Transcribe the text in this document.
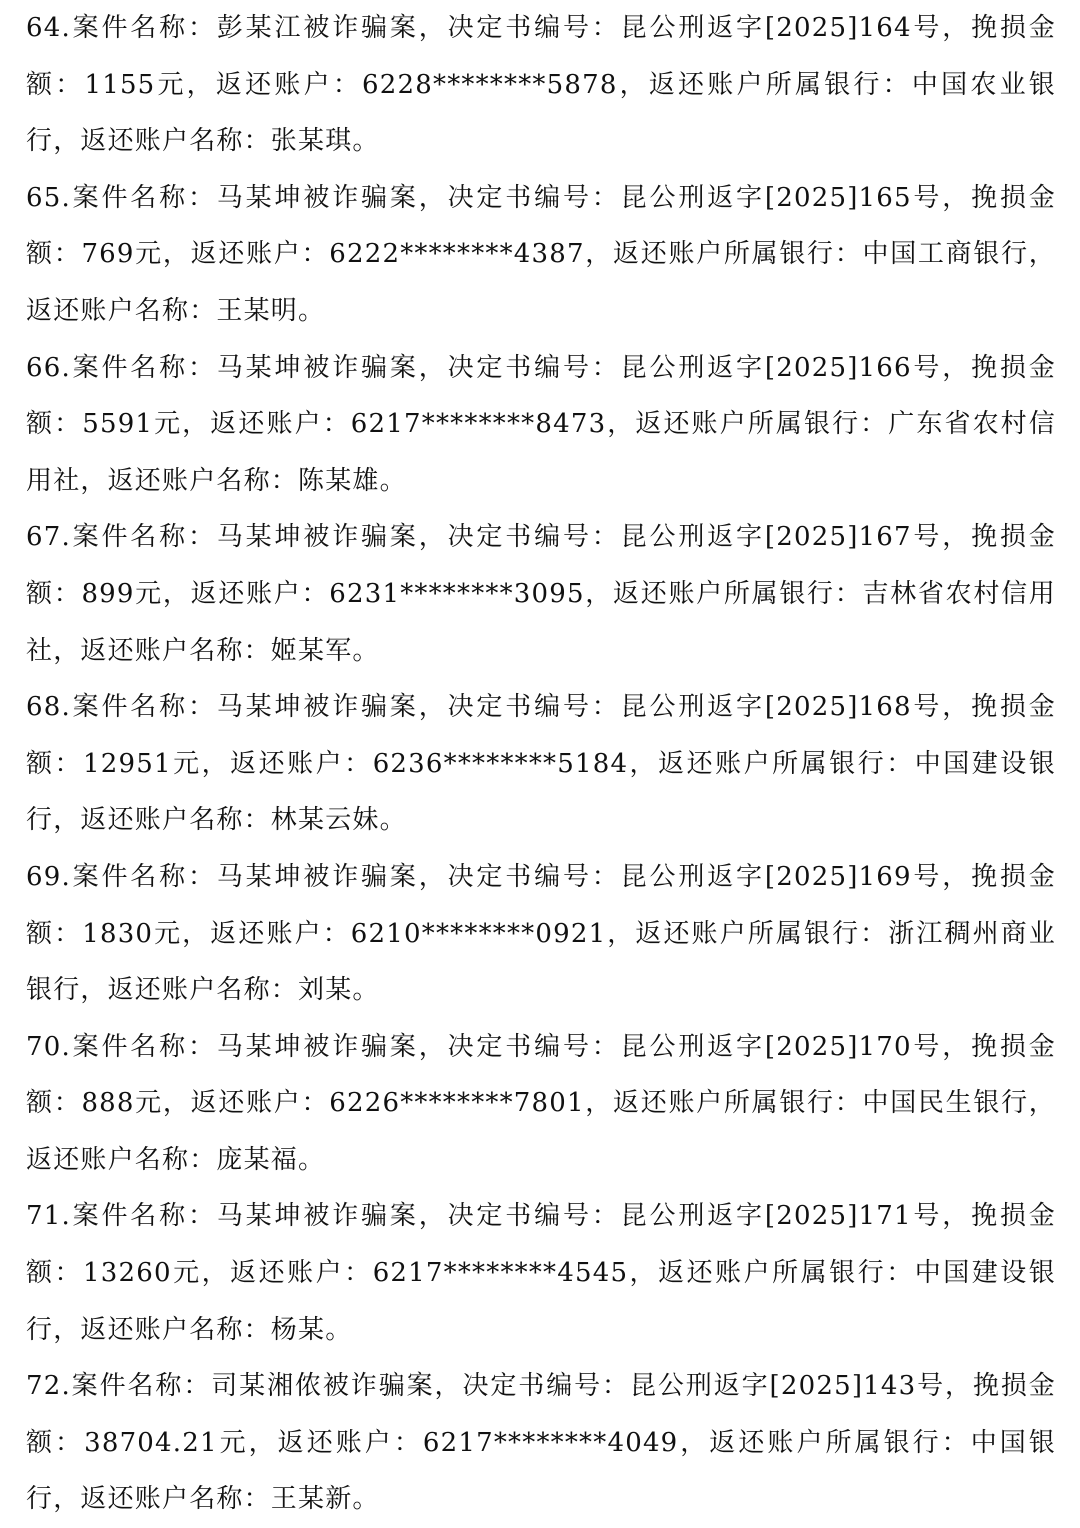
64.案件名称：彭某江被诈骗案，决定书编号：昆公刑返字[2025]164号，挽损金额：1155元，返还账户：6228********5878，返还账户所属银行：中国农业银行，返还账户名称：张某琪。

65.案件名称：马某坤被诈骗案，决定书编号：昆公刑返字[2025]165号，挽损金额：769元，返还账户：6222********4387，返还账户所属银行：中国工商银行，返还账户名称：王某明。

66.案件名称：马某坤被诈骗案，决定书编号：昆公刑返字[2025]166号，挽损金额：5591元，返还账户：6217********8473，返还账户所属银行：广东省农村信用社，返还账户名称：陈某雄。

67.案件名称：马某坤被诈骗案，决定书编号：昆公刑返字[2025]167号，挽损金额：899元，返还账户：6231********3095，返还账户所属银行：吉林省农村信用社，返还账户名称：姬某军。

68.案件名称：马某坤被诈骗案，决定书编号：昆公刑返字[2025]168号，挽损金额：12951元，返还账户：6236********5184，返还账户所属银行：中国建设银行，返还账户名称：林某云妹。

69.案件名称：马某坤被诈骗案，决定书编号：昆公刑返字[2025]169号，挽损金额：1830元，返还账户：6210********0921，返还账户所属银行：浙江稠州商业银行，返还账户名称：刘某。

70.案件名称：马某坤被诈骗案，决定书编号：昆公刑返字[2025]170号，挽损金额：888元，返还账户：6226********7801，返还账户所属银行：中国民生银行，返还账户名称：庞某福。

71.案件名称：马某坤被诈骗案，决定书编号：昆公刑返字[2025]171号，挽损金额：13260元，返还账户：6217********4545，返还账户所属银行：中国建设银行，返还账户名称：杨某。

72.案件名称：司某湘侬被诈骗案，决定书编号：昆公刑返字[2025]143号，挽损金额：38704.21元，返还账户：6217********4049，返还账户所属银行：中国银行，返还账户名称：王某新。
